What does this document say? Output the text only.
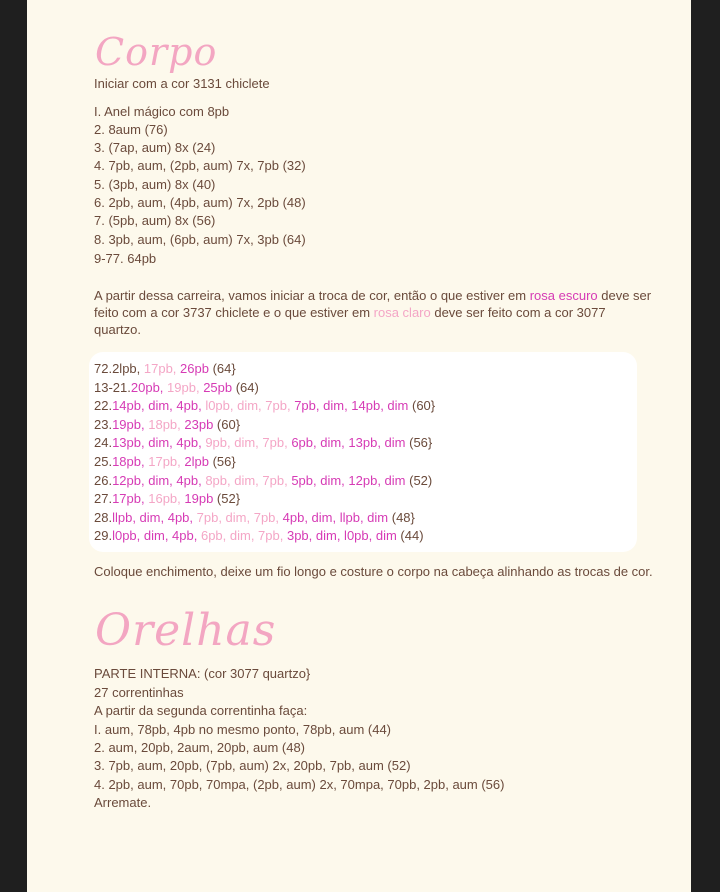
Corpo
Iniciar com a cor 3131 chiclete
I. Anel mágico com 8pb
2. 8aum (76)
3. (7ap, aum) 8x (24)
4. 7pb, aum, (2pb, aum) 7x, 7pb (32)
5. (3pb, aum) 8x (40)
6. 2pb, aum, (4pb, aum) 7x, 2pb (48)
7. (5pb, aum) 8x (56)
8. 3pb, aum, (6pb, aum) 7x, 3pb (64)
9-77. 64pb
A partir dessa carreira, vamos iniciar a troca de cor, então o que estiver em rosa escuro deve ser feito com a cor 3737 chiclete e o que estiver em rosa claro deve ser feito com a cor 3077 quartzo.
72.2lpb, 17pb, 26pb (64}
13-21.20pb, 19pb, 25pb (64)
22.14pb, dim, 4pb, l0pb, dim, 7pb, 7pb, dim, 14pb, dim (60}
23.19pb, 18pb, 23pb (60}
24.13pb, dim, 4pb, 9pb, dim, 7pb, 6pb, dim, 13pb, dim (56}
25.18pb, 17pb, 2lpb (56}
26.12pb, dim, 4pb, 8pb, dim, 7pb, 5pb, dim, 12pb, dim (52)
27.17pb, 16pb, 19pb (52}
28.llpb, dim, 4pb, 7pb, dim, 7pb, 4pb, dim, llpb, dim (48}
29.l0pb, dim, 4pb, 6pb, dim, 7pb, 3pb, dim, l0pb, dim (44)
Coloque enchimento, deixe um fio longo e costure o corpo na cabeça alinhando as trocas de cor.
Orelhas
PARTE INTERNA: (cor 3077 quartzo}
27 correntinhas
A partir da segunda correntinha faça:
I. aum, 78pb, 4pb no mesmo ponto, 78pb, aum (44)
2. aum, 20pb, 2aum, 20pb, aum (48)
3. 7pb, aum, 20pb, (7pb, aum) 2x, 20pb, 7pb, aum (52)
4. 2pb, aum, 70pb, 70mpa, (2pb, aum) 2x, 70mpa, 70pb, 2pb, aum (56)
Arremate.
